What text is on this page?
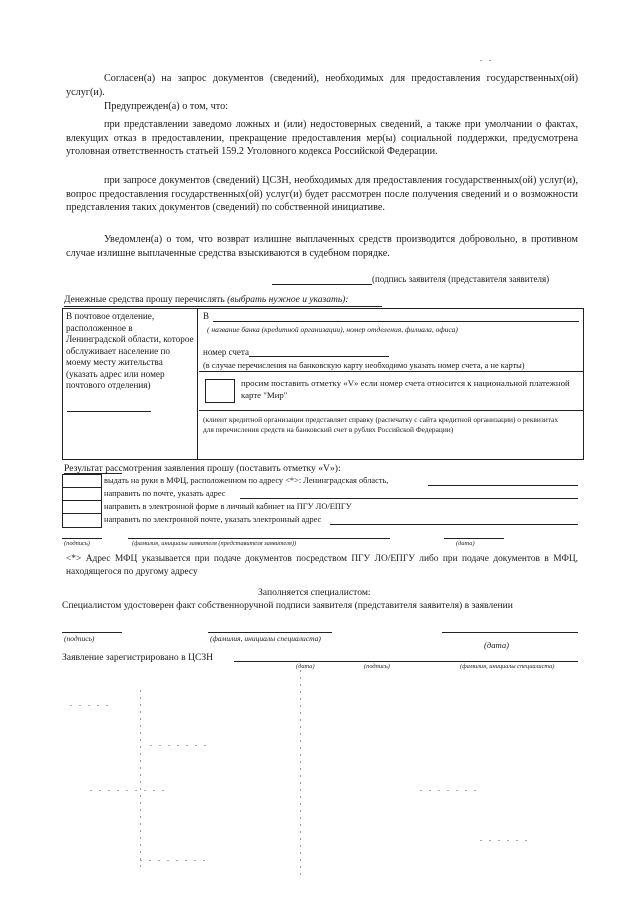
Согласен(а) на запрос документов (сведений), необходимых для предоставления государственных(ой) услуг(и).

Предупрежден(а) о том, что:

при представлении заведомо ложных и (или) недостоверных сведений, а также при умолчании о фактах, влекущих отказ в предоставлении, прекращение предоставления мер(ы) социальной поддержки, предусмотрена уголовная ответственность статьей 159.2 Уголовного кодекса Российской Федерации.

при запросе документов (сведений) ЦСЗН, необходимых для предоставления государственных(ой) услуг(и), вопрос предоставления государственных(ой) услуг(и) будет рассмотрен после получения сведений и о возможности представления таких документов (сведений) по собственной инициативе.

Уведомлен(а) о том, что возврат излишне выплаченных средств производится добровольно, в противном случае излишне выплаченные средства взыскиваются в судебном порядке.

(подпись заявителя (представителя заявителя)
Денежные средства прошу перечислять (выбрать нужное и указать):
В почтовое отделение, расположенное в Ленинградской области, которое обслуживает население по моему месту жительства (указать адрес или номер почтового отделения)
В
( название банка (кредитной организации), номер отделения, филиала, офиса)
номер счета
(в случае перечисления на банковскую карту необходимо указать номер счета, а не карты)
просим поставить отметку «V» если номер счета относится к национальной платежной карте "Мир"
(клиент кредитной организации представляет справку (распечатку с сайта кредитной организации) о реквизитах для перечисления средств на банковский счет в рублях Российской Федерации)
Результат рассмотрения заявления прошу (поставить отметку «V»):
выдать на руки в МФЦ, расположенном по адресу <*>: Ленинградская область,
направить по почте, указать адрес
направить в электронной форме в личный кабинет на ПГУ ЛО/ЕПГУ
направить по электронной почте, указать электронный адрес
(подпись)	(фамилия, инициалы заявителя (представителя заявителя))	(дата)

<*> Адрес МФЦ указывается при подаче документов посредством ПГУ ЛО/ЕПГУ либо при подаче документов в МФЦ, находящегося по другому адресу

Заполняется специалистом:
Специалистом удостоверен факт собственноручной подписи заявителя (представителя заявителя) в заявлении
(подпись)	(фамилия, инициалы специалиста)
(дата)
Заявление зарегистрировано в ЦСЗН
(дата)	(подпись)	(фамилия, инициалы специалиста)
